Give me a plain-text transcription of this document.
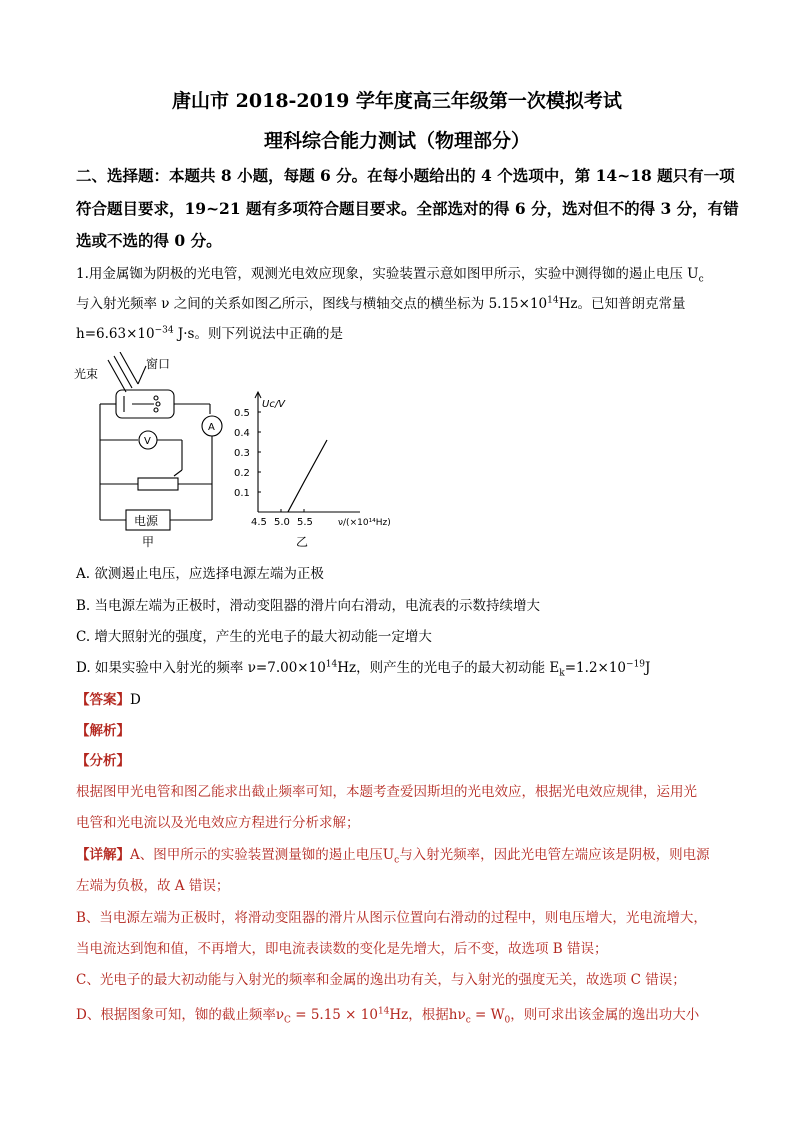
唐山市 2018-2019 学年度高三年级第一次模拟考试
理科综合能力测试（物理部分）
二、选择题：本题共 8 小题，每题 6 分。在每小题给出的 4 个选项中，第 14~18 题只有一项
符合题目要求，19~21 题有多项符合题目要求。全部选对的得 6 分，选对但不的得 3 分，有错
选或不选的得 0 分。
1.用金属铷为阴极的光电管，观测光电效应现象，实验装置示意如图甲所示，实验中测得铷的遏止电压 $U_c$
与入射光频率 ν 之间的关系如图乙所示，图线与横轴交点的横坐标为 $5.15\times 10^{14}Hz$。已知普朗克常量
$h=6.63\times 10^{-34}$ J·s。则下列说法中正确的是
光束
窗口
V
A
电源
甲
Uc/V
ν/(×10¹⁴Hz)
乙
4.5 5.0 5.5
0.1
0.2
0.3
0.4
0.5
A. 欲测遏止电压，应选择电源左端为正极
B. 当电源左端为正极时，滑动变阻器的滑片向右滑动，电流表的示数持续增大
C. 增大照射光的强度，产生的光电子的最大初动能一定增大
D. 如果实验中入射光的频率 $\nu=7.00\times 10^{14}Hz$，则产生的光电子的最大初动能 $E_k=1.2\times 10^{-19}J$
【答案】D
【解析】
【分析】
根据图甲光电管和图乙能求出截止频率可知，本题考查爱因斯坦的光电效应，根据光电效应规律，运用光
电管和光电流以及光电效应方程进行分析求解；
【详解】A、图甲所示的实验装置测量铷的遏止电压$U_c$与入射光频率，因此光电管左端应该是阴极，则电源
左端为负极，故 A 错误；
B、当电源左端为正极时，将滑动变阻器的滑片从图示位置向右滑动的过程中，则电压增大，光电流增大，
当电流达到饱和值，不再增大，即电流表读数的变化是先增大，后不变，故选项 B 错误；
C、光电子的最大初动能与入射光的频率和金属的逸出功有关，与入射光的强度无关，故选项 C 错误；
D、根据图象可知，铷的截止频率$\nu_C = 5.15 \times 10^{14}Hz$，根据$h\nu_c = W_0$，则可求出该金属的逸出功大小
